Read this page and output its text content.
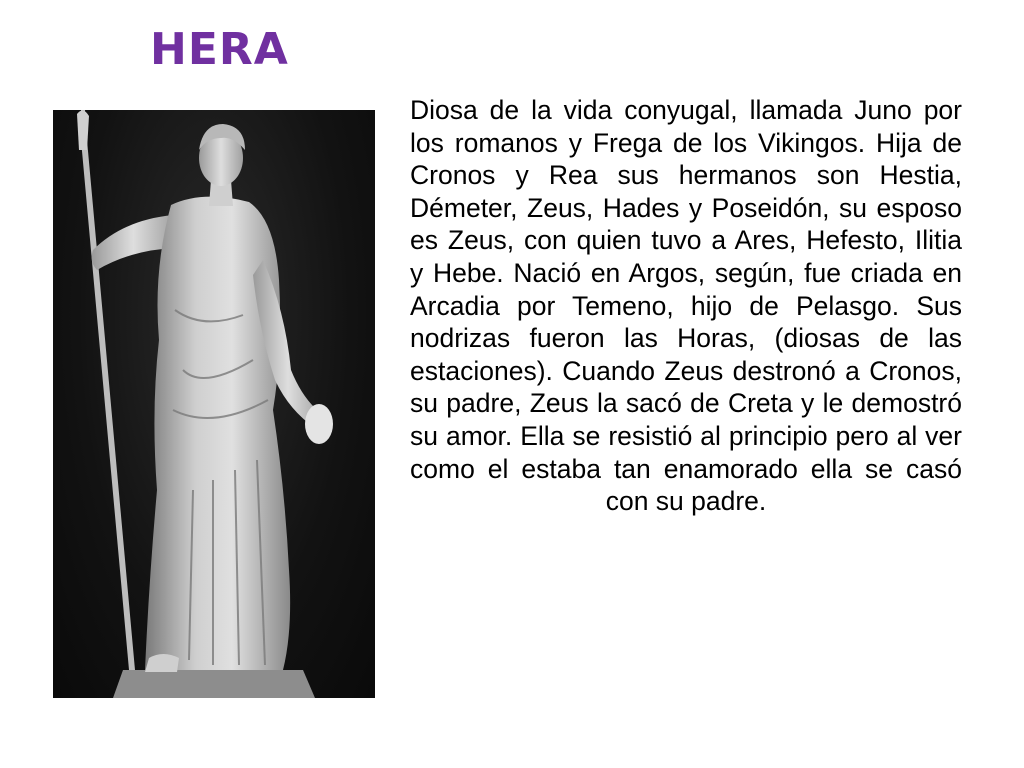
HERA

Diosa de la vida conyugal, llamada Juno por los romanos y Frega de los Vikingos. Hija de Cronos y Rea sus hermanos son Hestia, Démeter, Zeus, Hades y Poseidón, su esposo es Zeus, con quien tuvo a Ares, Hefesto, Ilitia y Hebe. Nació en Argos, según, fue criada en Arcadia por Temeno, hijo de Pelasgo. Sus nodrizas fueron las Horas, (diosas de las estaciones). Cuando Zeus destronó a Cronos, su padre, Zeus la sacó de Creta y le demostró su amor. Ella se resistió al principio pero al ver como el estaba tan enamorado ella se casó con su padre.
